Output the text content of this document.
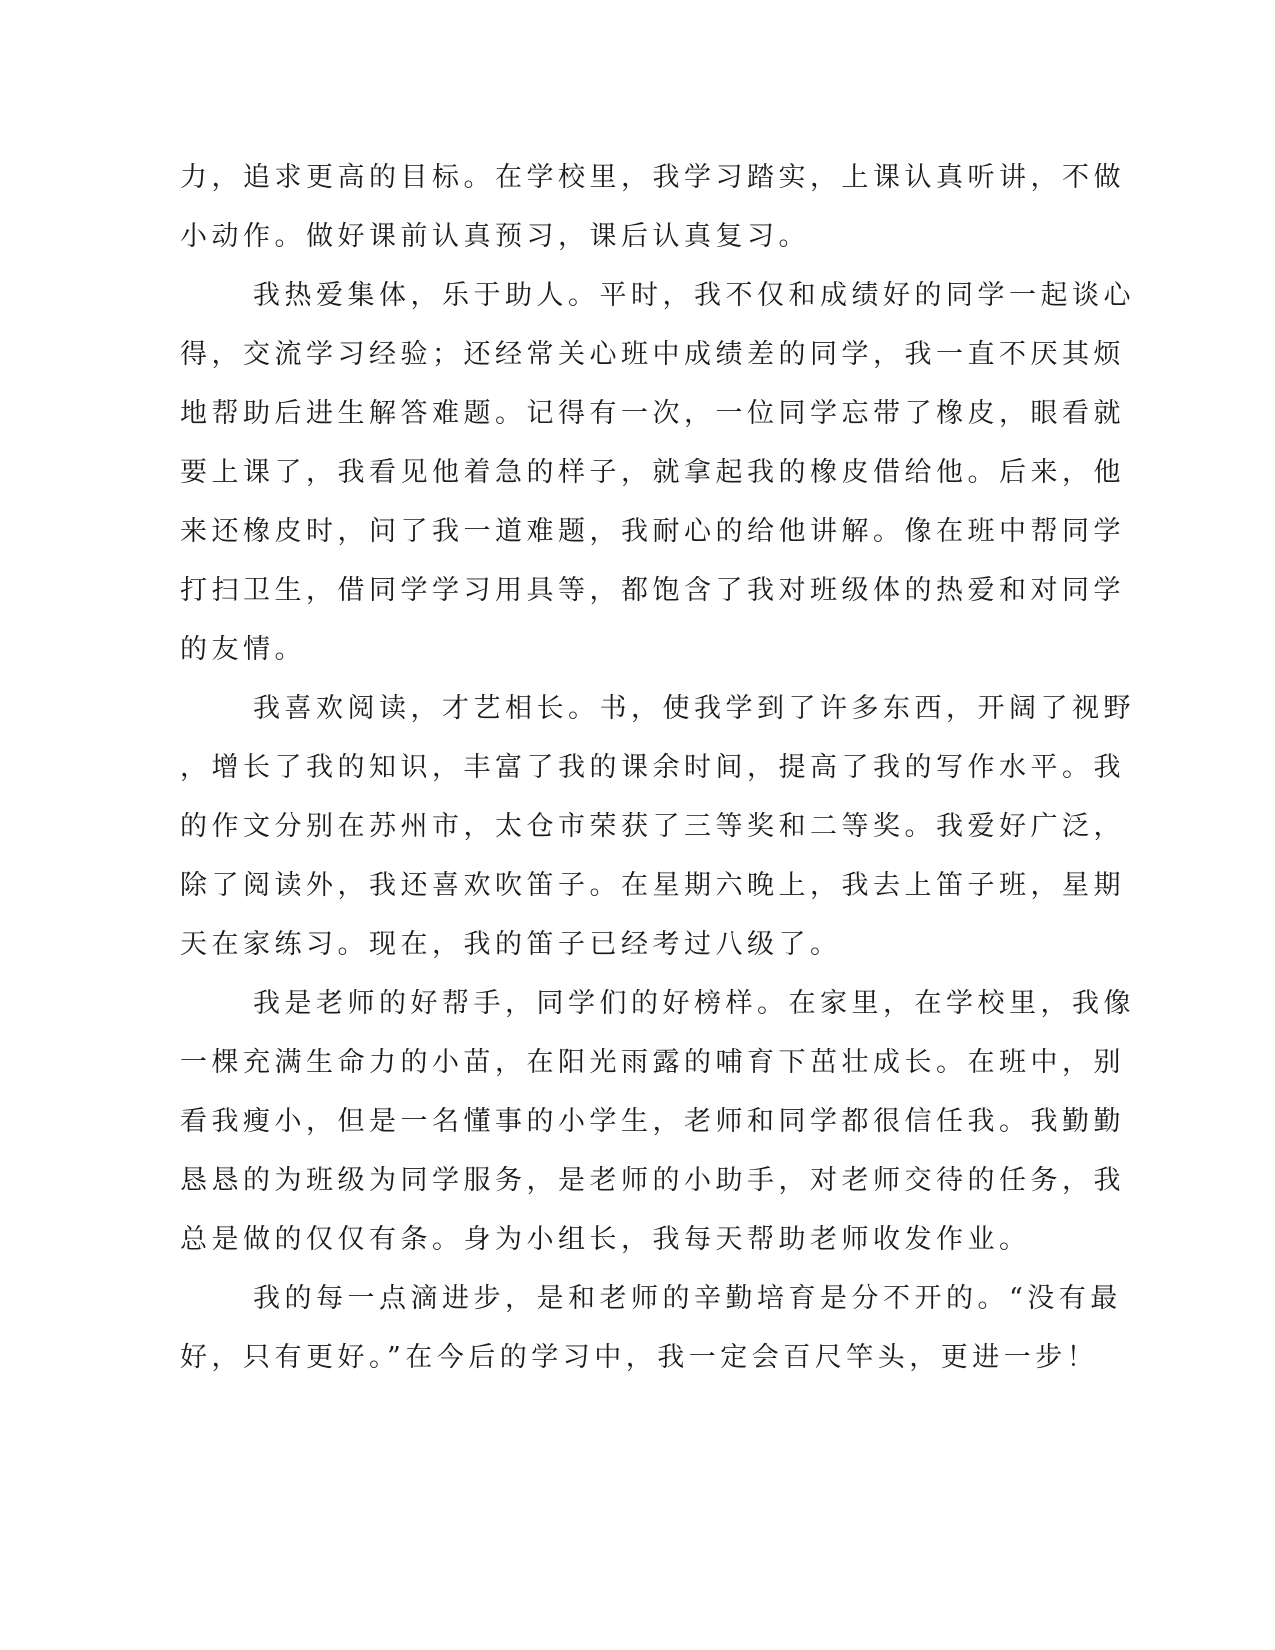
力，追求更高的目标。在学校里，我学习踏实，上课认真听讲，不做
小动作。做好课前认真预习，课后认真复习。
我热爱集体，乐于助人。平时，我不仅和成绩好的同学一起谈心
得，交流学习经验；还经常关心班中成绩差的同学，我一直不厌其烦
地帮助后进生解答难题。记得有一次，一位同学忘带了橡皮，眼看就
要上课了，我看见他着急的样子，就拿起我的橡皮借给他。后来，他
来还橡皮时，问了我一道难题，我耐心的给他讲解。像在班中帮同学
打扫卫生，借同学学习用具等，都饱含了我对班级体的热爱和对同学
的友情。
我喜欢阅读，才艺相长。书，使我学到了许多东西，开阔了视野
，增长了我的知识，丰富了我的课余时间，提高了我的写作水平。我
的作文分别在苏州市，太仓市荣获了三等奖和二等奖。我爱好广泛，
除了阅读外，我还喜欢吹笛子。在星期六晚上，我去上笛子班，星期
天在家练习。现在，我的笛子已经考过八级了。
我是老师的好帮手，同学们的好榜样。在家里，在学校里，我像
一棵充满生命力的小苗，在阳光雨露的哺育下茁壮成长。在班中，别
看我瘦小，但是一名懂事的小学生，老师和同学都很信任我。我勤勤
恳恳的为班级为同学服务，是老师的小助手，对老师交待的任务，我
总是做的仅仅有条。身为小组长，我每天帮助老师收发作业。
我的每一点滴进步，是和老师的辛勤培育是分不开的。“没有最
好，只有更好。”在今后的学习中，我一定会百尺竿头，更进一步！
